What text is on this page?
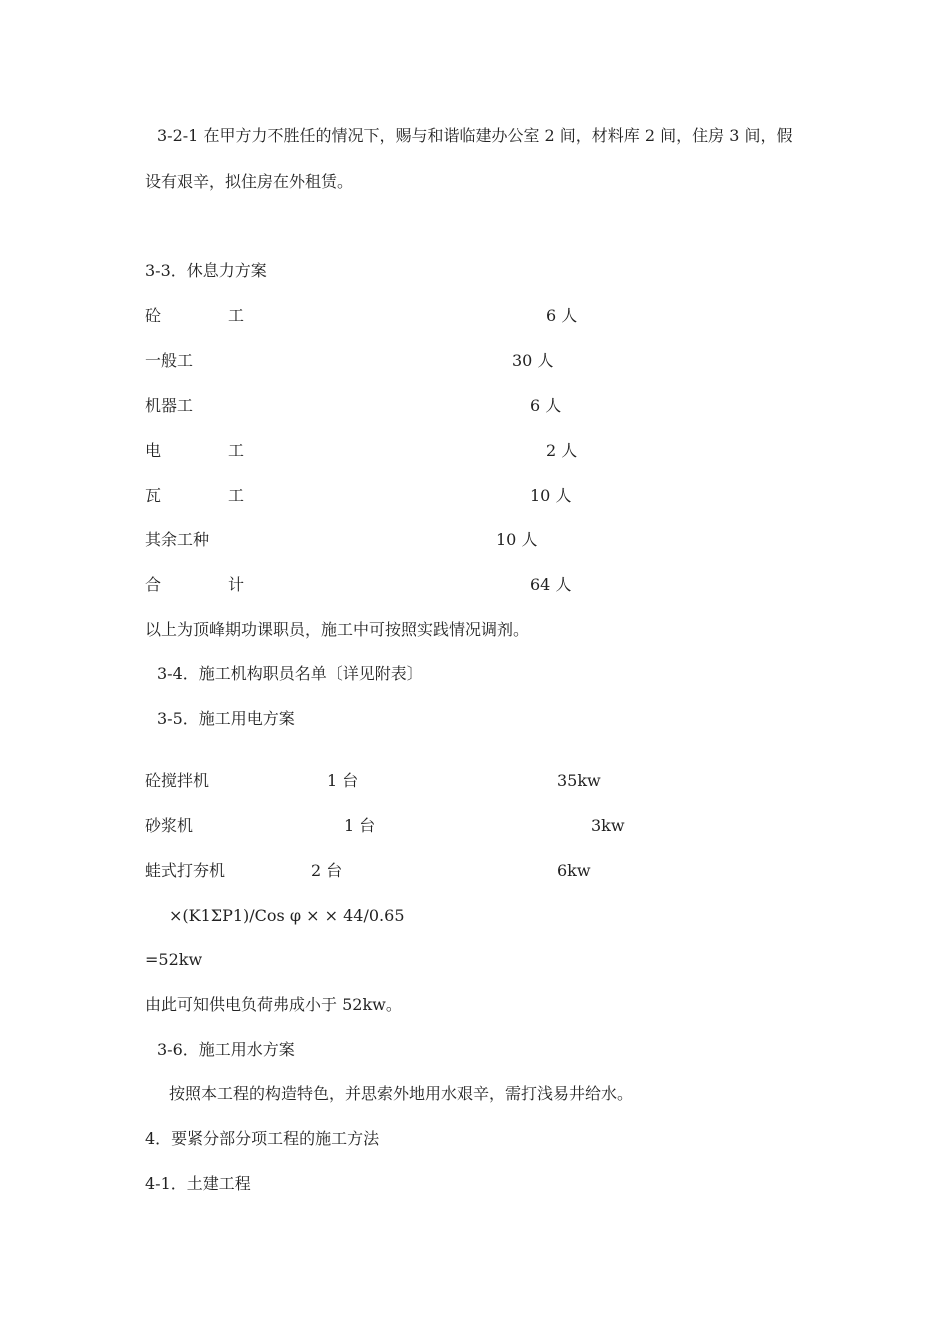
3-2-1 在甲方力不胜任的情况下，赐与和谐临建办公室 2 间，材料库 2 间，住房 3 间，假
设有艰辛，拟住房在外租赁。
3-3．休息力方案
砼	工	6 人
一般工	30 人
机器工	6 人
电	工	2 人
瓦	工	10 人
其余工种	10 人
合	计	64 人
以上为顶峰期功课职员，施工中可按照实践情况调剂。
3-4．施工机构职员名单〔详见附表〕
3-5．施工用电方案
砼搅拌机	1 台	35kw
砂浆机	1 台	3kw
蛙式打夯机	2 台	6kw
×(K1ΣP1)/Cos φ × × 44/0.65
=52kw
由此可知供电负荷弗成小于 52kw。
3-6．施工用水方案
按照本工程的构造特色，并思索外地用水艰辛，需打浅易井给水。
4．要紧分部分项工程的施工方法
4-1．土建工程
